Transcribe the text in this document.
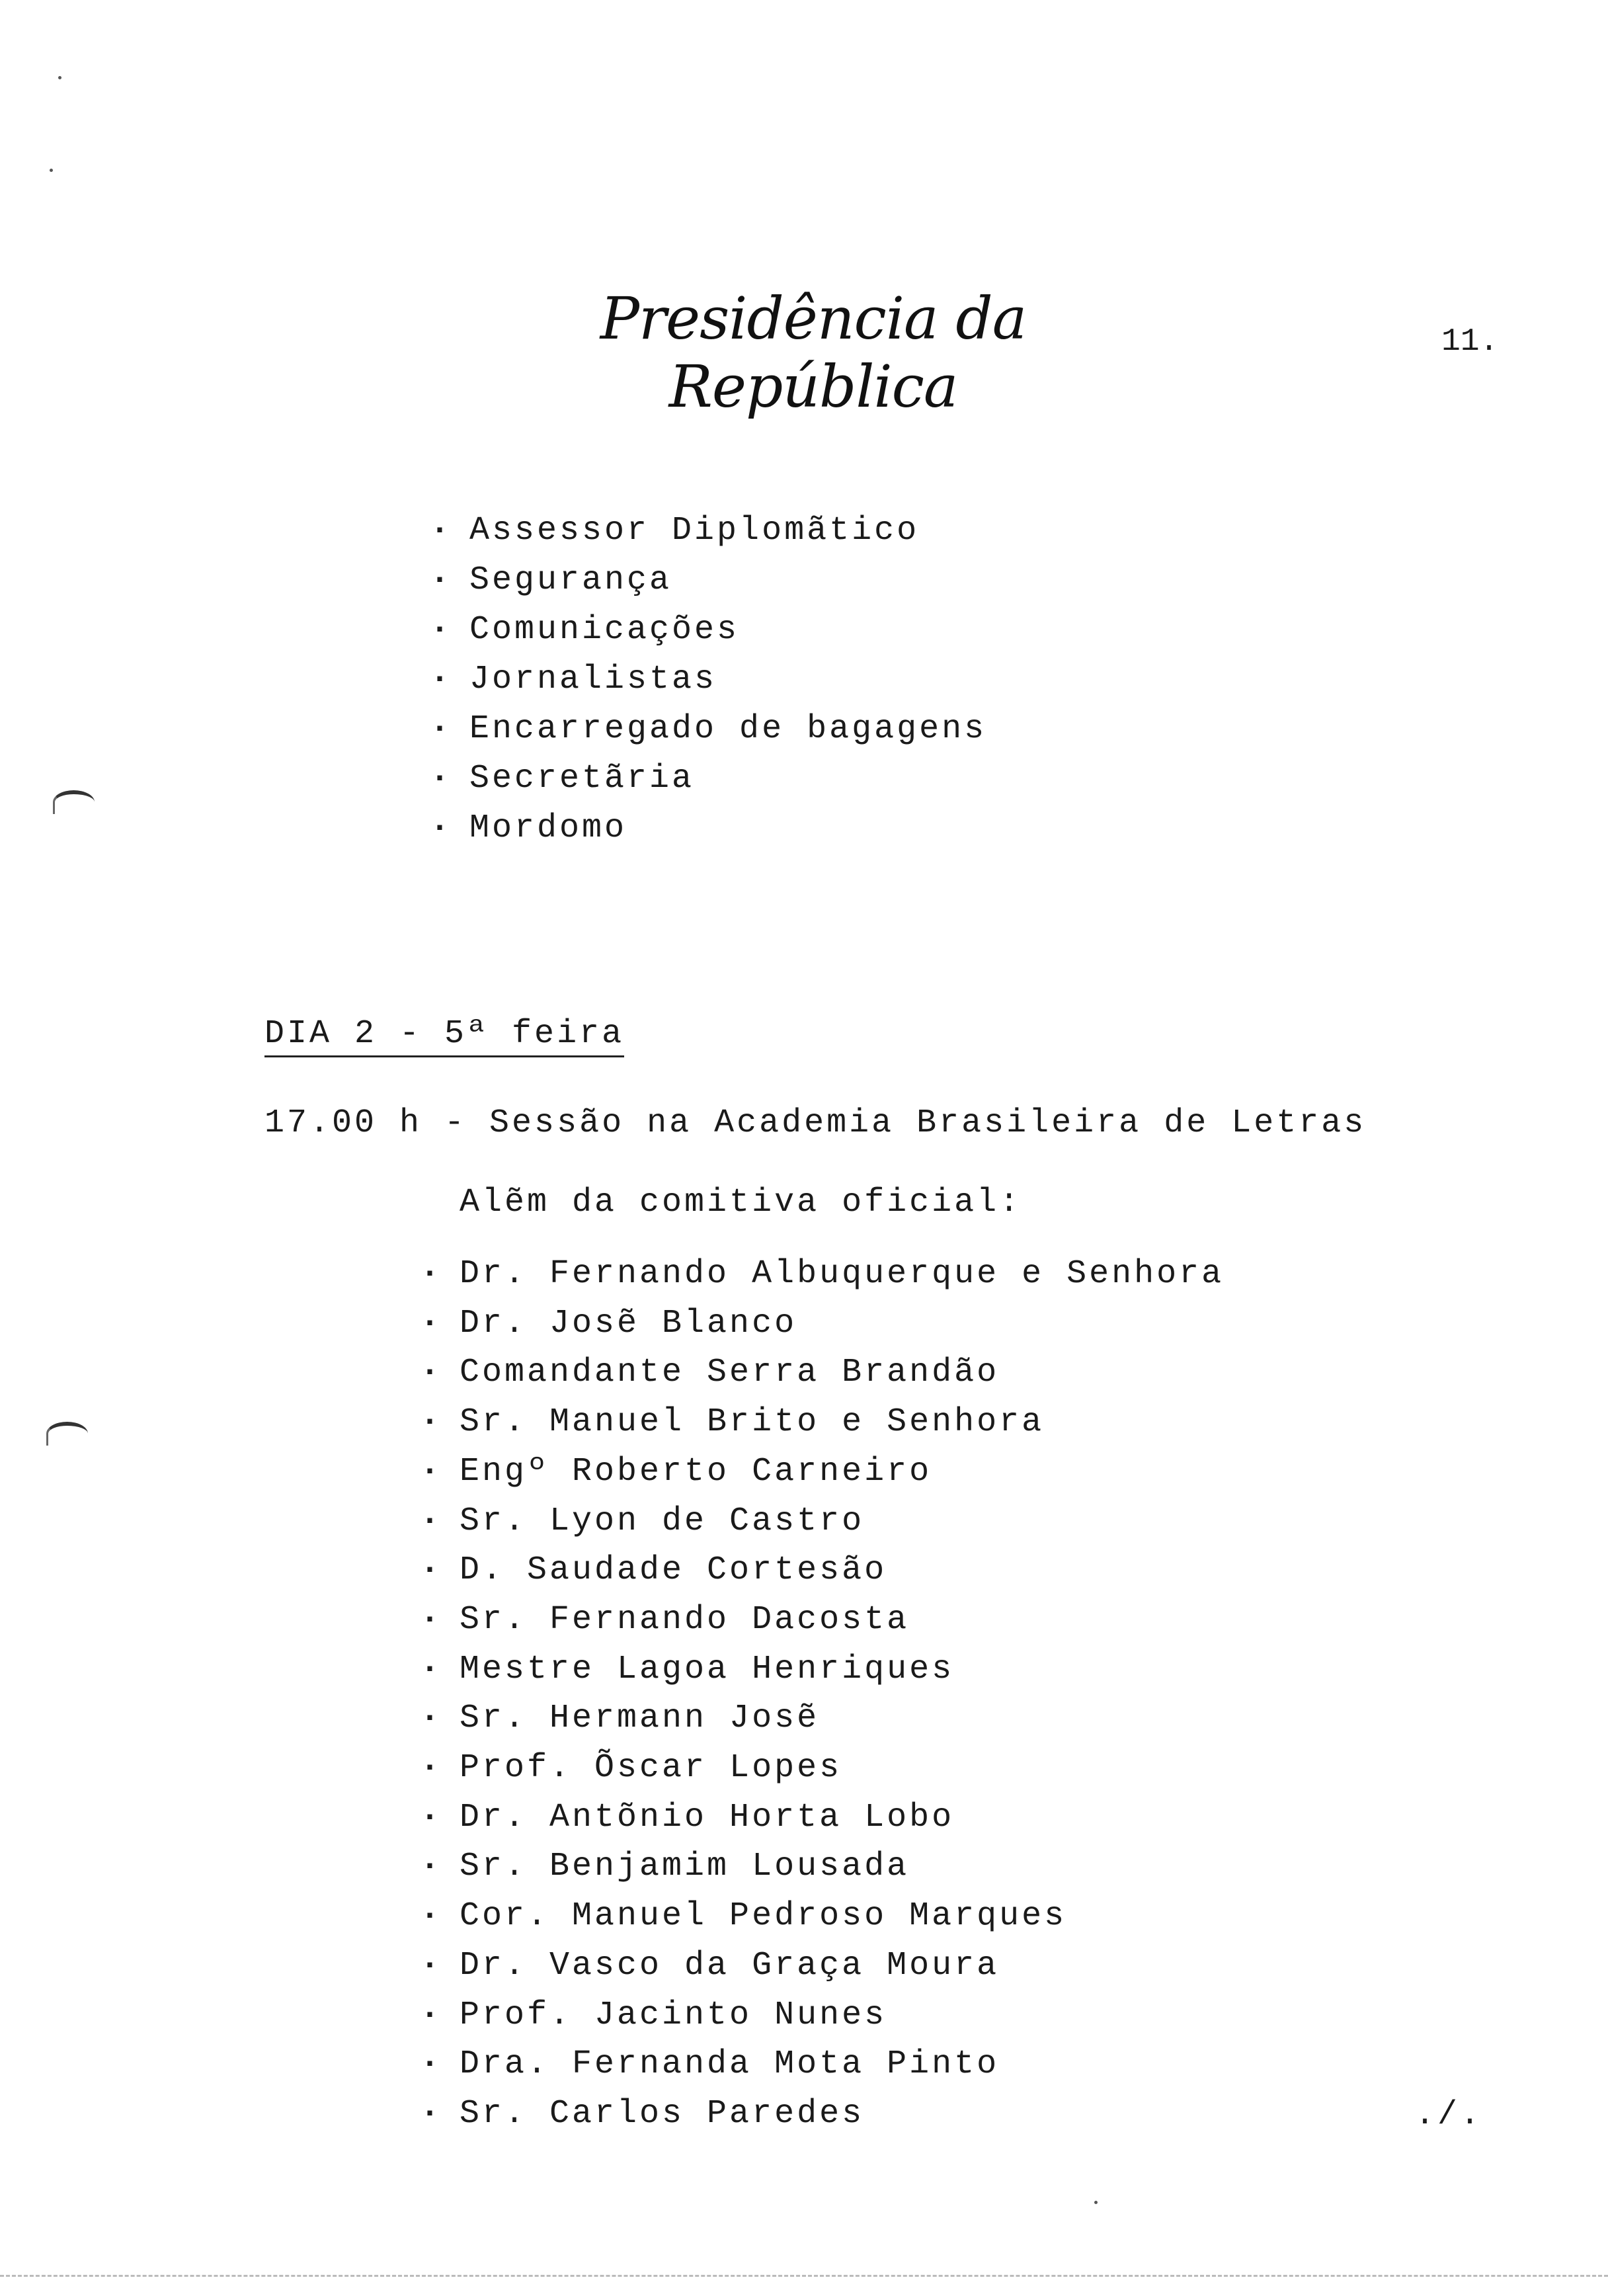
Presidência da República
11.
· Assessor Diplomãtico
· Segurança
· Comunicações
· Jornalistas
· Encarregado de bagagens
· Secretãria
· Mordomo
DIA 2 - 5ª feira
17.00 h - Sessão na Academia Brasileira de Letras
Alẽm da comitiva oficial:
· Dr. Fernando Albuquerque e Senhora
· Dr. Josẽ Blanco
· Comandante Serra Brandão
· Sr. Manuel Brito e Senhora
· Engº Roberto Carneiro
· Sr. Lyon de Castro
· D. Saudade Cortesão
· Sr. Fernando Dacosta
· Mestre Lagoa Henriques
· Sr. Hermann Josẽ
· Prof. Õscar Lopes
· Dr. Antõnio Horta Lobo
· Sr. Benjamim Lousada
· Cor. Manuel Pedroso Marques
· Dr. Vasco da Graça Moura
· Prof. Jacinto Nunes
· Dra. Fernanda Mota Pinto
· Sr. Carlos Paredes	./.
